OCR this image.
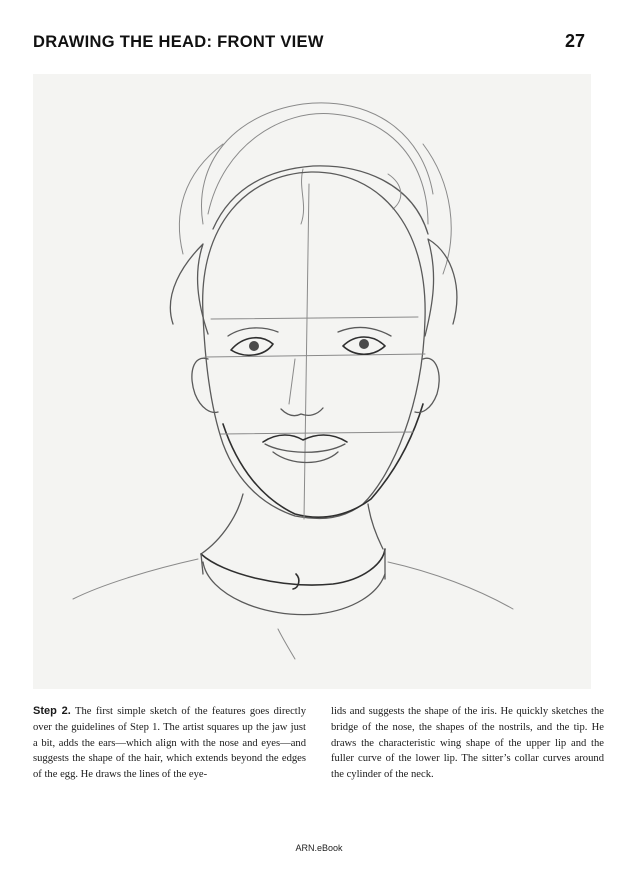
DRAWING THE HEAD: FRONT VIEW	27
Step 2. The first simple sketch of the features goes directly over the guidelines of Step 1. The artist squares up the jaw just a bit, adds the ears—which align with the nose and eyes—and suggests the shape of the hair, which extends beyond the edges of the egg. He draws the lines of the eye-
lids and suggests the shape of the iris. He quickly sketches the bridge of the nose, the shapes of the nostrils, and the tip. He draws the characteristic wing shape of the upper lip and the fuller curve of the lower lip. The sitter’s collar curves around the cylinder of the neck.
ARN.eBook
